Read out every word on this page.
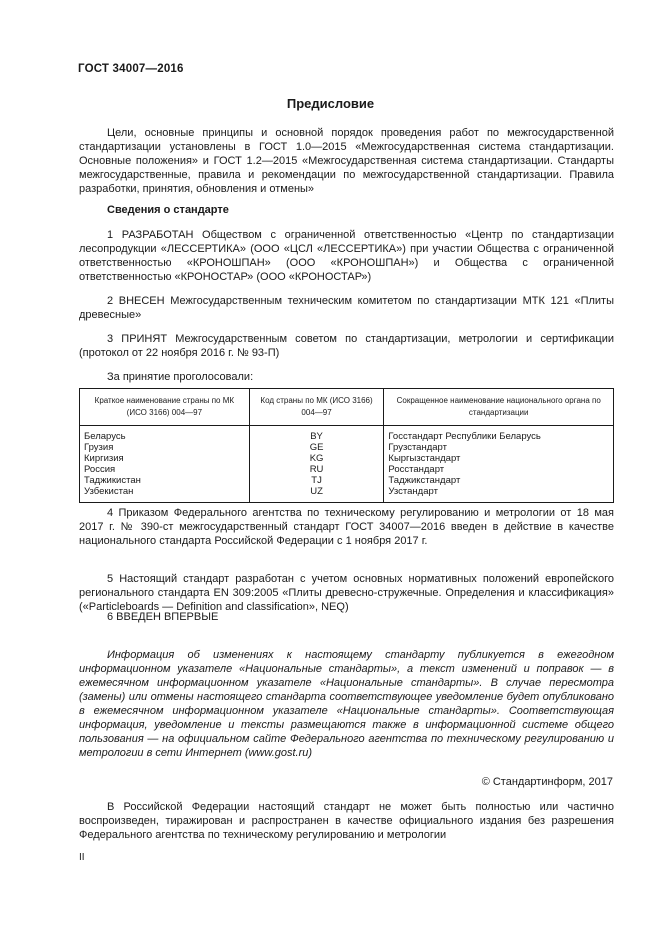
ГОСТ 34007—2016
Предисловие

Цели, основные принципы и основной порядок проведения работ по межгосударственной стандартизации установлены в ГОСТ 1.0—2015 «Межгосударственная система стандартизации. Основные положения» и ГОСТ 1.2—2015 «Межгосударственная система стандартизации. Стандарты межгосударственные, правила и рекомендации по межгосударственной стандартизации. Правила разработки, принятия, обновления и отмены»

Сведения о стандарте

1 РАЗРАБОТАН Обществом с ограниченной ответственностью «Центр по стандартизации лесопродукции «ЛЕССЕРТИКА» (ООО «ЦСЛ «ЛЕССЕРТИКА») при участии Общества с ограниченной ответственностью «КРОНОШПАН» (ООО «КРОНОШПАН») и Общества с ограниченной ответственностью «КРОНОСТАР» (ООО «КРОНОСТАР»)

2 ВНЕСЕН Межгосударственным техническим комитетом по стандартизации МТК 121 «Плиты древесные»

3 ПРИНЯТ Межгосударственным советом по стандартизации, метрологии и сертификации (протокол от 22 ноября 2016 г. № 93-П)

За принятие проголосовали:

Краткое наименование страны по МК (ИСО 3166) 004—97	Код страны по МК (ИСО 3166) 004—97	Сокращенное наименование национального органа по стандартизации
Беларусь	BY	Госстандарт Республики Беларусь
Грузия	GE	Грузстандарт
Киргизия	KG	Кыргызстандарт
Россия	RU	Росстандарт
Таджикистан	TJ	Таджикстандарт
Узбекистан	UZ	Узстандарт

4 Приказом Федерального агентства по техническому регулированию и метрологии от 18 мая 2017 г. № 390-ст межгосударственный стандарт ГОСТ 34007—2016 введен в действие в качестве национального стандарта Российской Федерации с 1 ноября 2017 г.

5 Настоящий стандарт разработан с учетом основных нормативных положений европейского регионального стандарта EN 309:2005 «Плиты древесно-стружечные. Определения и классификация» («Particleboards — Definition and classification», NEQ)

6 ВВЕДЕН ВПЕРВЫЕ

Информация об изменениях к настоящему стандарту публикуется в ежегодном информационном указателе «Национальные стандарты», а текст изменений и поправок — в ежемесячном информационном указателе «Национальные стандарты». В случае пересмотра (замены) или отмены настоящего стандарта соответствующее уведомление будет опубликовано в ежемесячном информационном указателе «Национальные стандарты». Соответствующая информация, уведомление и тексты размещаются также в информационной системе общего пользования — на официальном сайте Федерального агентства по техническому регулированию и метрологии в сети Интернет (www.gost.ru)

© Стандартинформ, 2017

В Российской Федерации настоящий стандарт не может быть полностью или частично воспроизведен, тиражирован и распространен в качестве официального издания без разрешения Федерального агентства по техническому регулированию и метрологии

II
